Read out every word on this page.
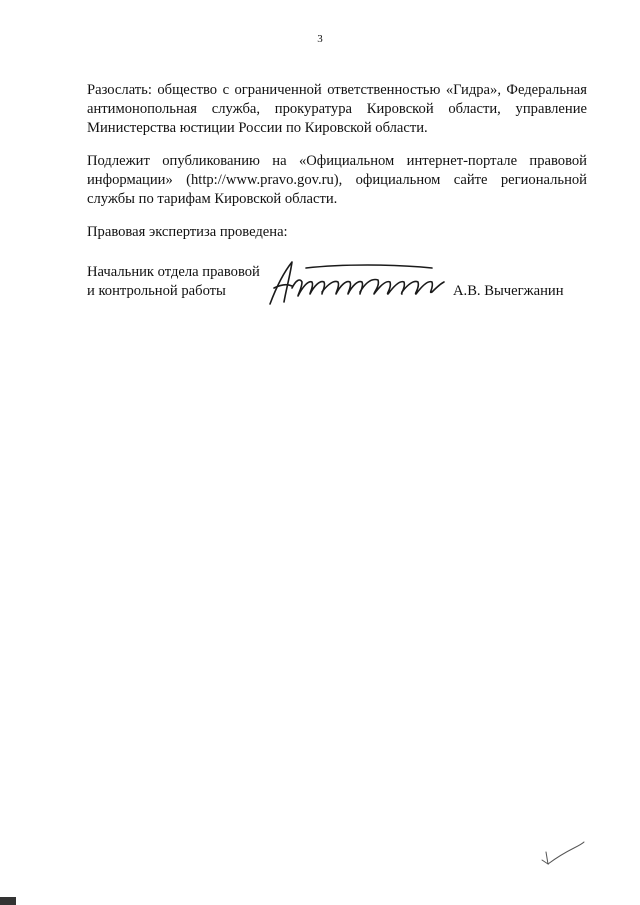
3
Разослать: общество с ограниченной ответственностью «Гидра», Федеральная антимонопольная служба, прокуратура Кировской области, управление Министерства юстиции России по Кировской области.
Подлежит опубликованию на «Официальном интернет-портале правовой информации» (http://www.pravo.gov.ru), официальном сайте региональной службы по тарифам Кировской области.
Правовая экспертиза проведена:
Начальник отдела правовой
и контрольной работы	А.В. Вычегжанин
